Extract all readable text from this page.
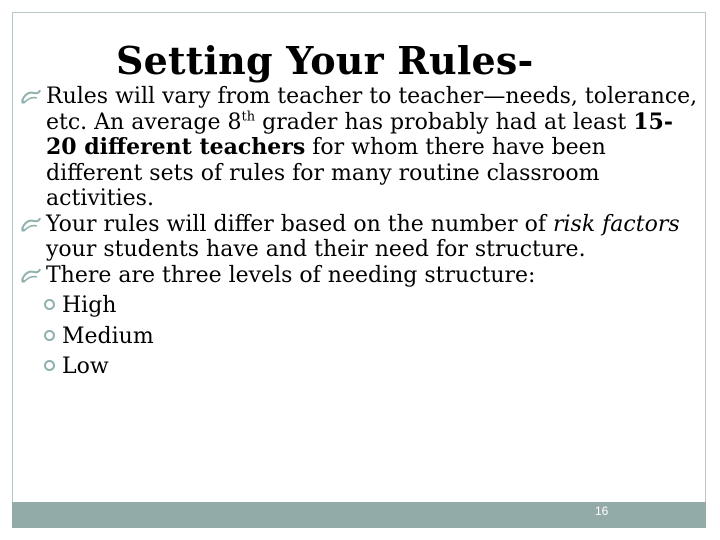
Setting Your Rules-

Rules will vary from teacher to teacher—needs, tolerance, etc. An average 8th grader has probably had at least 15-20 different teachers for whom there have been different sets of rules for many routine classroom activities.

Your rules will differ based on the number of risk factors your students have and their need for structure.

There are three levels of needing structure:

High

Medium

Low

16
